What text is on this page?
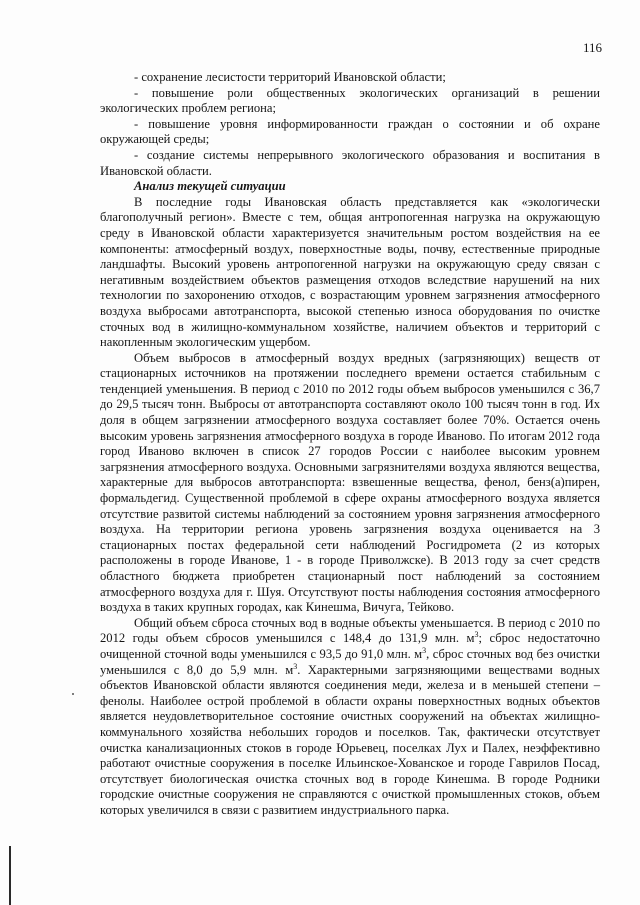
116

- сохранение лесистости территорий Ивановской области;

- повышение роли общественных экологических организаций в решении экологических проблем региона;

- повышение уровня информированности граждан о состоянии и об охране окружающей среды;

- создание системы непрерывного экологического образования и воспитания в Ивановской области.

Анализ текущей ситуации

В последние годы Ивановская область представляется как «экологически благополучный регион». Вместе с тем, общая антропогенная нагрузка на окружающую среду в Ивановской области характеризуется значительным ростом воздействия на ее компоненты: атмосферный воздух, поверхностные воды, почву, естественные природные ландшафты. Высокий уровень антропогенной нагрузки на окружающую среду связан с негативным воздействием объектов размещения отходов вследствие нарушений на них технологии по захоронению отходов, с возрастающим уровнем загрязнения атмосферного воздуха выбросами автотранспорта, высокой степенью износа оборудования по очистке сточных вод в жилищно-коммунальном хозяйстве, наличием объектов и территорий с накопленным экологическим ущербом.

Объем выбросов в атмосферный воздух вредных (загрязняющих) веществ от стационарных источников на протяжении последнего времени остается стабильным с тенденцией уменьшения. В период с 2010 по 2012 годы объем выбросов уменьшился с 36,7 до 29,5 тысяч тонн. Выбросы от автотранспорта составляют около 100 тысяч тонн в год. Их доля в общем загрязнении атмосферного воздуха составляет более 70%. Остается очень высоким уровень загрязнения атмосферного воздуха в городе Иваново. По итогам 2012 года город Иваново включен в список 27 городов России с наиболее высоким уровнем загрязнения атмосферного воздуха. Основными загрязнителями воздуха являются вещества, характерные для выбросов автотранспорта: взвешенные вещества, фенол, бенз(а)пирен, формальдегид. Существенной проблемой в сфере охраны атмосферного воздуха является отсутствие развитой системы наблюдений за состоянием уровня загрязнения атмосферного воздуха. На территории региона уровень загрязнения воздуха оценивается на 3 стационарных постах федеральной сети наблюдений Росгидромета (2 из которых расположены в городе Иванове, 1 - в городе Приволжске). В 2013 году за счет средств областного бюджета приобретен стационарный пост наблюдений за состоянием атмосферного воздуха для г. Шуя. Отсутствуют посты наблюдения состояния атмосферного воздуха в таких крупных городах, как Кинешма, Вичуга, Тейково.

Общий объем сброса сточных вод в водные объекты уменьшается. В период с 2010 по 2012 годы объем сбросов уменьшился с 148,4 до 131,9 млн. $м^3$; сброс недостаточно очищенной сточной воды уменьшился с 93,5 до 91,0 млн. $м^3$, сброс сточных вод без очистки уменьшился с 8,0 до 5,9 млн. $м^3$. Характерными загрязняющими веществами водных объектов Ивановской области являются соединения меди, железа и в меньшей степени – фенолы. Наиболее острой проблемой в области охраны поверхностных водных объектов является неудовлетворительное состояние очистных сооружений на объектах жилищно-коммунального хозяйства небольших городов и поселков. Так, фактически отсутствует очистка канализационных стоков в городе Юрьевец, поселках Лух и Палех, неэффективно работают очистные сооружения в поселке Ильинское-Хованское и городе Гаврилов Посад, отсутствует биологическая очистка сточных вод в городе Кинешма. В городе Родники городские очистные сооружения не справляются с очисткой промышленных стоков, объем которых увеличился в связи с развитием индустриального парка.
